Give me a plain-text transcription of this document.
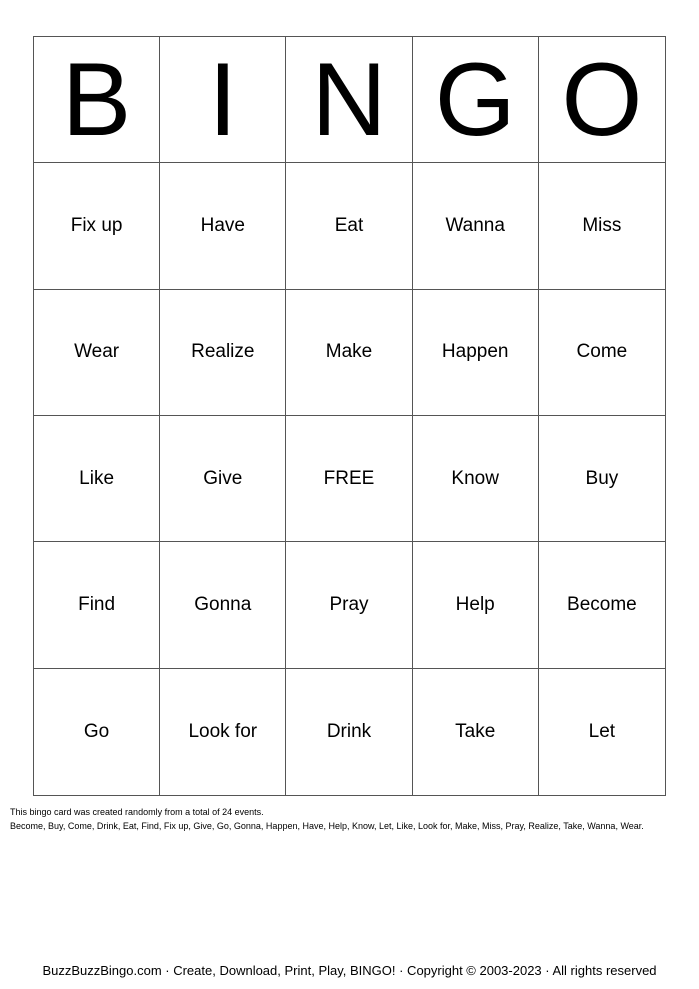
B I N G O
Fix up	Have	Eat	Wanna	Miss
Wear	Realize	Make	Happen	Come
Like	Give	FREE	Know	Buy
Find	Gonna	Pray	Help	Become
Go	Look for	Drink	Take	Let
This bingo card was created randomly from a total of 24 events.
Become, Buy, Come, Drink, Eat, Find, Fix up, Give, Go, Gonna, Happen, Have, Help, Know, Let, Like, Look for, Make, Miss, Pray, Realize, Take, Wanna, Wear.
BuzzBuzzBingo.com · Create, Download, Print, Play, BINGO! · Copyright © 2003-2023 · All rights reserved
